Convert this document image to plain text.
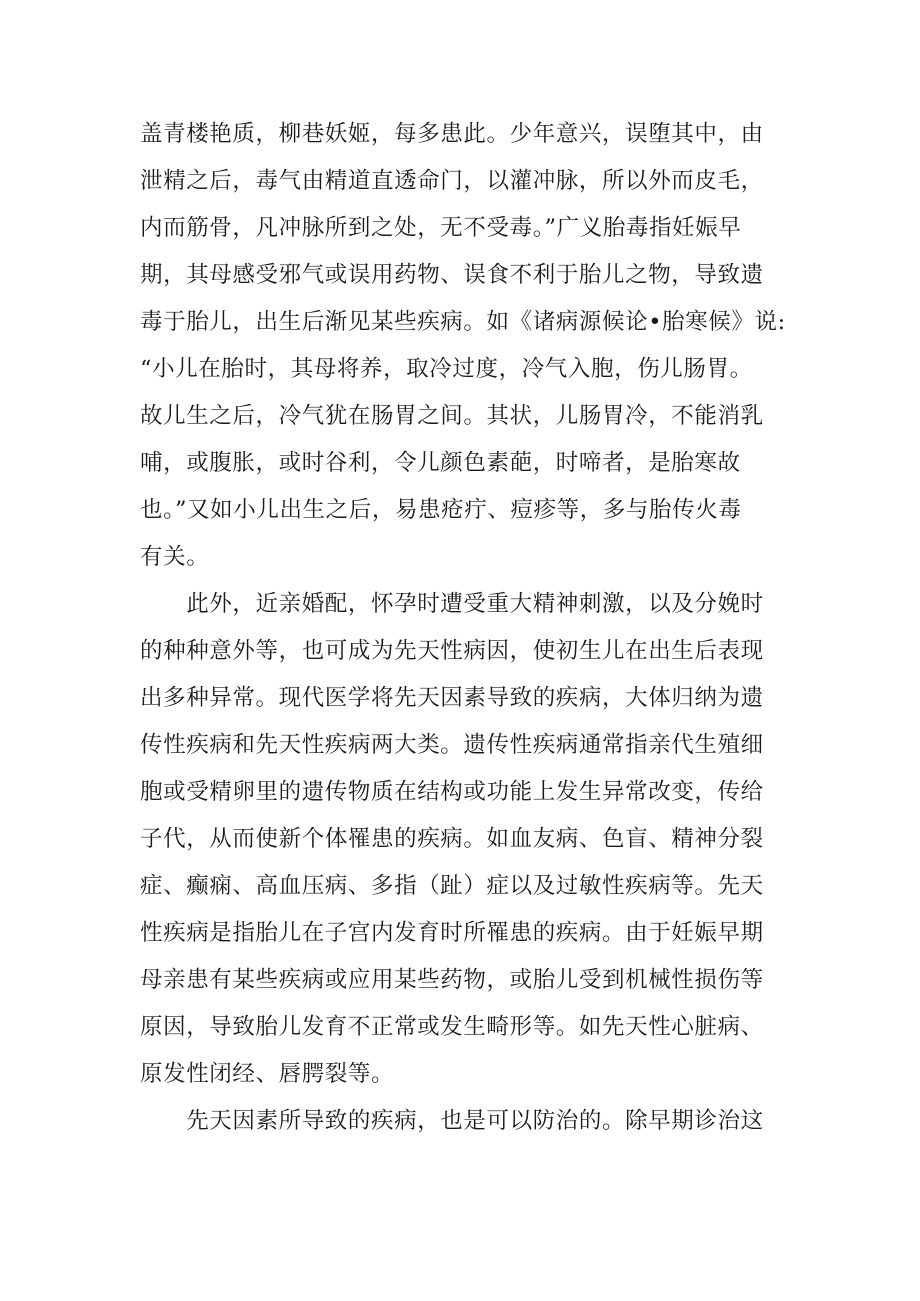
盖青楼艳质，柳巷妖姬，每多患此。少年意兴，误堕其中，由
泄精之后，毒气由精道直透命门，以灌冲脉，所以外而皮毛，
内而筋骨，凡冲脉所到之处，无不受毒。”广义胎毒指妊娠早
期，其母感受邪气或误用药物、误食不利于胎儿之物，导致遗
毒于胎儿，出生后渐见某些疾病。如《诸病源候论•胎寒候》说:
“小儿在胎时，其母将养，取冷过度，冷气入胞，伤儿肠胃。
故儿生之后，冷气犹在肠胃之间。其状，儿肠胃冷，不能消乳
哺，或腹胀，或时谷利，令儿颜色素葩，时啼者，是胎寒故
也。”又如小儿出生之后，易患疮疔、痘疹等，多与胎传火毒
有关。
　　此外，近亲婚配，怀孕时遭受重大精神刺激，以及分娩时
的种种意外等，也可成为先天性病因，使初生儿在出生后表现
出多种异常。现代医学将先天因素导致的疾病，大体归纳为遗
传性疾病和先天性疾病两大类。遗传性疾病通常指亲代生殖细
胞或受精卵里的遗传物质在结构或功能上发生异常改变，传给
子代，从而使新个体罹患的疾病。如血友病、色盲、精神分裂
症、癫痫、高血压病、多指（趾）症以及过敏性疾病等。先天
性疾病是指胎儿在子宫内发育时所罹患的疾病。由于妊娠早期
母亲患有某些疾病或应用某些药物，或胎儿受到机械性损伤等
原因，导致胎儿发育不正常或发生畸形等。如先天性心脏病、
原发性闭经、唇腭裂等。
　　先天因素所导致的疾病，也是可以防治的。除早期诊治这
